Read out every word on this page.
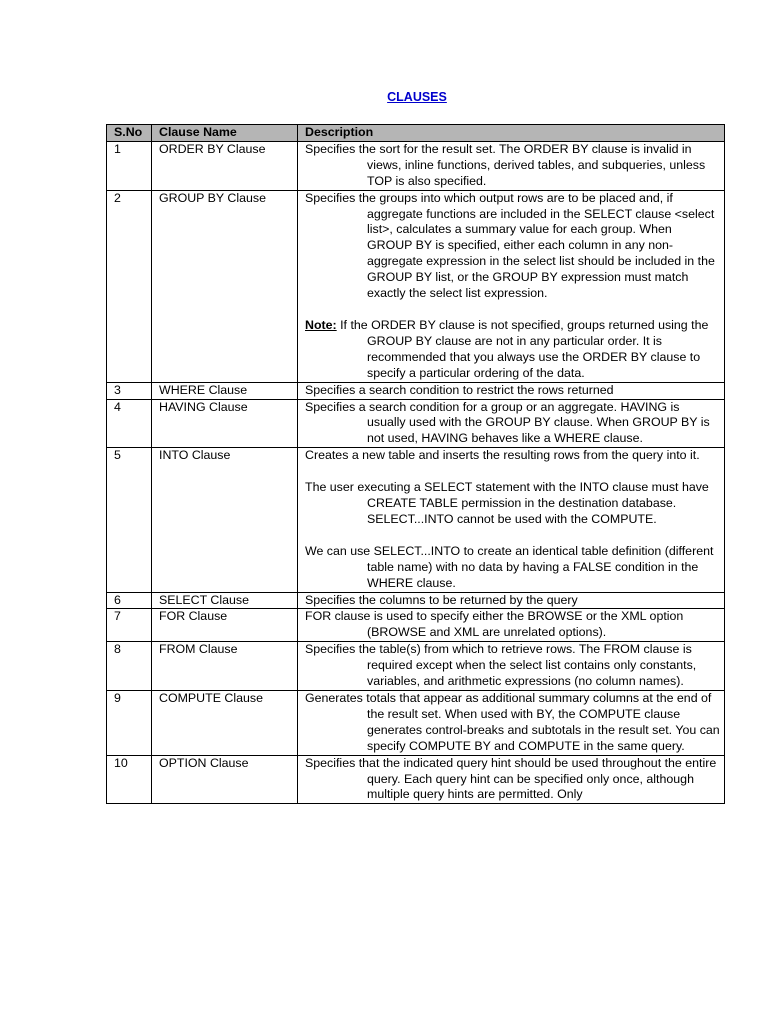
CLAUSES
S.No	Clause Name	Description
1	ORDER BY Clause	Specifies the sort for the result set. The ORDER BY clause is invalid in views, inline functions, derived tables, and subqueries, unless TOP is also specified.

2	GROUP BY Clause	Specifies the groups into which output rows are to be placed and, if aggregate functions are included in the SELECT clause <select list>, calculates a summary value for each group. When GROUP BY is specified, either each column in any non-aggregate expression in the select list should be included in the GROUP BY list, or the GROUP BY expression must match exactly the select list expression.
Note: If the ORDER BY clause is not specified, groups returned using the GROUP BY clause are not in any particular order. It is recommended that you always use the ORDER BY clause to specify a particular ordering of the data.

3	WHERE Clause	Specifies a search condition to restrict the rows returned

4	HAVING Clause	Specifies a search condition for a group or an aggregate. HAVING is usually used with the GROUP BY clause. When GROUP BY is not used, HAVING behaves like a WHERE clause.

5	INTO Clause	Creates a new table and inserts the resulting rows from the query into it.
The user executing a SELECT statement with the INTO clause must have CREATE TABLE permission in the destination database. SELECT...INTO cannot be used with the COMPUTE.
We can use SELECT...INTO to create an identical table definition (different table name) with no data by having a FALSE condition in the WHERE clause.

6	SELECT Clause	Specifies the columns to be returned by the query

7	FOR Clause	FOR clause is used to specify either the BROWSE or the XML option (BROWSE and XML are unrelated options).

8	FROM Clause	Specifies the table(s) from which to retrieve rows. The FROM clause is required except when the select list contains only constants, variables, and arithmetic expressions (no column names).

9	COMPUTE Clause	Generates totals that appear as additional summary columns at the end of the result set. When used with BY, the COMPUTE clause generates control-breaks and subtotals in the result set. You can specify COMPUTE BY and COMPUTE in the same query.

10	OPTION Clause	Specifies that the indicated query hint should be used throughout the entire query. Each query hint can be specified only once, although multiple query hints are permitted. Only
